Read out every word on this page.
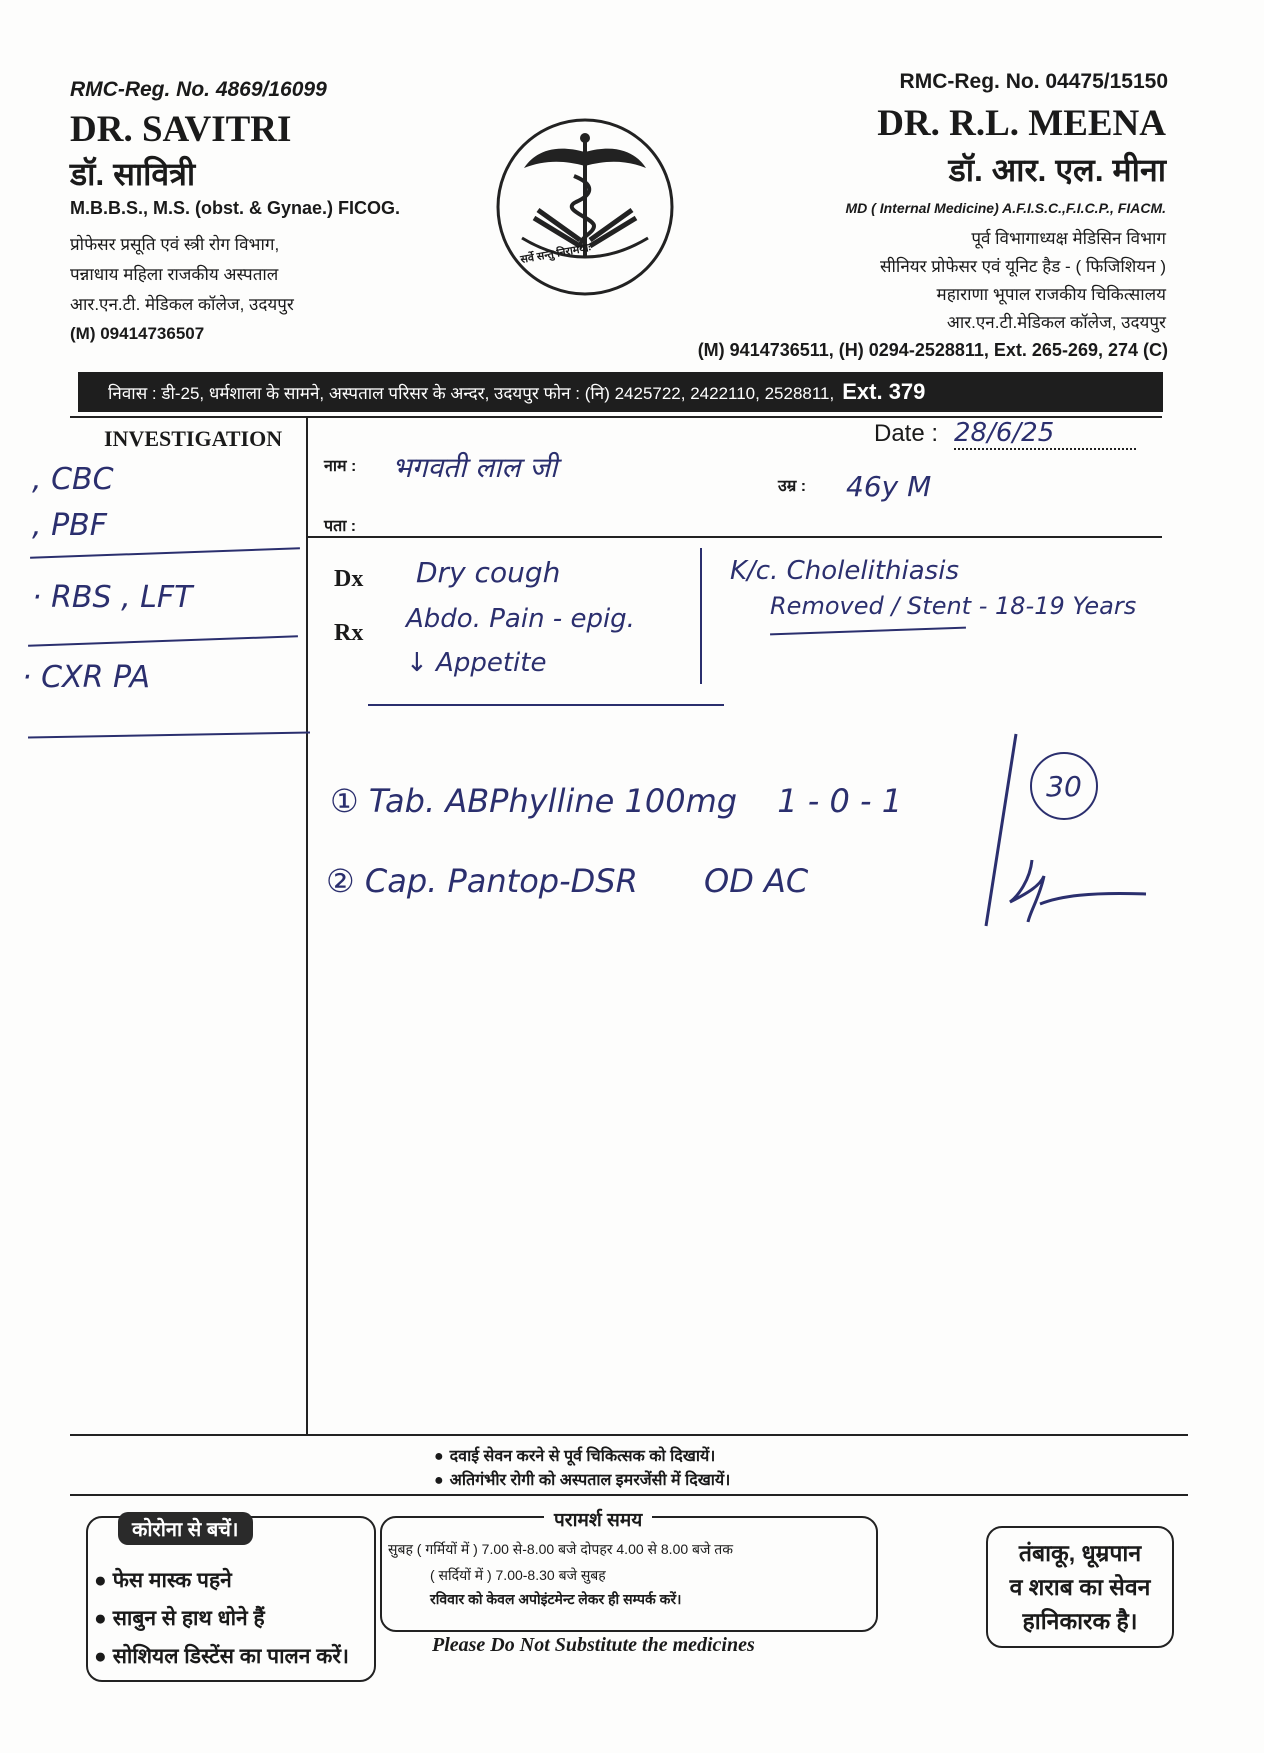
RMC-Reg. No. 4869/16099
DR. SAVITRI
डॉ. सावित्री
M.B.B.S., M.S. (obst. & Gynae.) FICOG.
प्रोफेसर प्रसूति एवं स्त्री रोग विभाग,
पन्नाधाय महिला राजकीय अस्पताल
आर.एन.टी. मेडिकल कॉलेज, उदयपुर
(M) 09414736507
सर्वे सन्तु निरामयाः
RMC-Reg. No. 04475/15150
DR. R.L. MEENA
डॉ. आर. एल. मीना
MD ( Internal Medicine) A.F.I.S.C.,F.I.C.P., FIACM.
पूर्व विभागाध्यक्ष मेडिसिन विभाग
सीनियर प्रोफेसर एवं यूनिट हैड - ( फिजिशियन )
महाराणा भूपाल राजकीय चिकित्सालय
आर.एन.टी.मेडिकल कॉलेज, उदयपुर
(M) 9414736511, (H) 0294-2528811, Ext. 265-269, 274 (C)
निवास : डी-25, धर्मशाला के सामने, अस्पताल परिसर के अन्दर, उदयपुर फोन : (नि) 2425722, 2422110, 2528811, Ext. 379
INVESTIGATION
नाम : भगवती लाल जी
उम्र : 46y M
पता :
Date : 28/6/25
Dx
Rx
, CBC
, PBF
· RBS , LFT
· CXR PA
Dry cough
Abdo. Pain - epig.
↓ Appetite
K/c. Cholelithiasis
Removed / Stent - 18-19 Years
① Tab. ABPhylline 100mg 1 - 0 - 1
② Cap. Pantop-DSR OD AC
30
● दवाई सेवन करने से पूर्व चिकित्सक को दिखायें।
● अतिगंभीर रोगी को अस्पताल इमरजेंसी में दिखायें।
कोरोना से बचें।
● फेस मास्क पहने
● साबुन से हाथ धोने हैं
● सोशियल डिस्टेंस का पालन करें।
परामर्श समय
सुबह ( गर्मियों में ) 7.00 से-8.00 बजे दोपहर 4.00 से 8.00 बजे तक
( सर्दियों में ) 7.00-8.30 बजे सुबह
रविवार को केवल अपोइंटमेन्ट लेकर ही सम्पर्क करें।
Please Do Not Substitute the medicines
तंबाकू, धूम्रपान
व शराब का सेवन
हानिकारक है।
